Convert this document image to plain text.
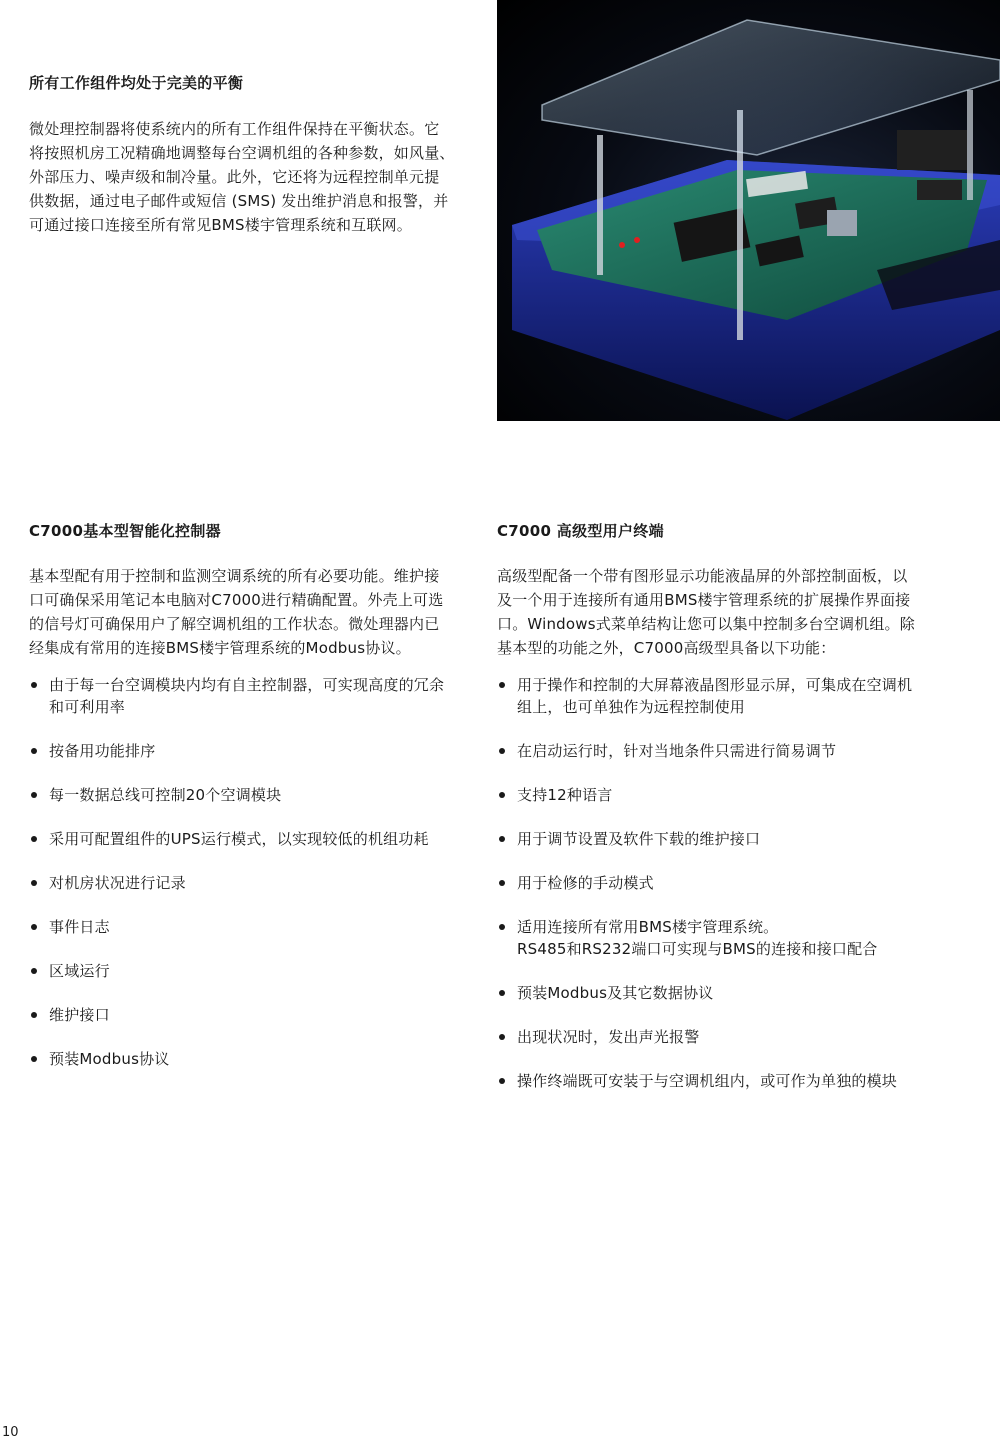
所有工作组件均处于完美的平衡
微处理控制器将使系统内的所有工作组件保持在平衡状态。它
将按照机房工况精确地调整每台空调机组的各种参数，如风量、
外部压力、噪声级和制冷量。此外，它还将为远程控制单元提
供数据，通过电子邮件或短信 (SMS) 发出维护消息和报警，并
可通过接口连接至所有常见BMS楼宇管理系统和互联网。
C7000基本型智能化控制器
基本型配有用于控制和监测空调系统的所有必要功能。维护接
口可确保采用笔记本电脑对C7000进行精确配置。外壳上可选
的信号灯可确保用户了解空调机组的工作状态。微处理器内已
经集成有常用的连接BMS楼宇管理系统的Modbus协议。
由于每一台空调模块内均有自主控制器，可实现高度的冗余
和可利用率
按备用功能排序
每一数据总线可控制20个空调模块
采用可配置组件的UPS运行模式，以实现较低的机组功耗
对机房状况进行记录
事件日志
区域运行
维护接口
预装Modbus协议
C7000 高级型用户终端
高级型配备一个带有图形显示功能液晶屏的外部控制面板，以
及一个用于连接所有通用BMS楼宇管理系统的扩展操作界面接
口。Windows式菜单结构让您可以集中控制多台空调机组。除
基本型的功能之外，C7000高级型具备以下功能：
用于操作和控制的大屏幕液晶图形显示屏，可集成在空调机
组上，也可单独作为远程控制使用
在启动运行时，针对当地条件只需进行简易调节
支持12种语言
用于调节设置及软件下载的维护接口
用于检修的手动模式
适用连接所有常用BMS楼宇管理系统。
RS485和RS232端口可实现与BMS的连接和接口配合
预装Modbus及其它数据协议
出现状况时，发出声光报警
操作终端既可安装于与空调机组内，或可作为单独的模块
10
